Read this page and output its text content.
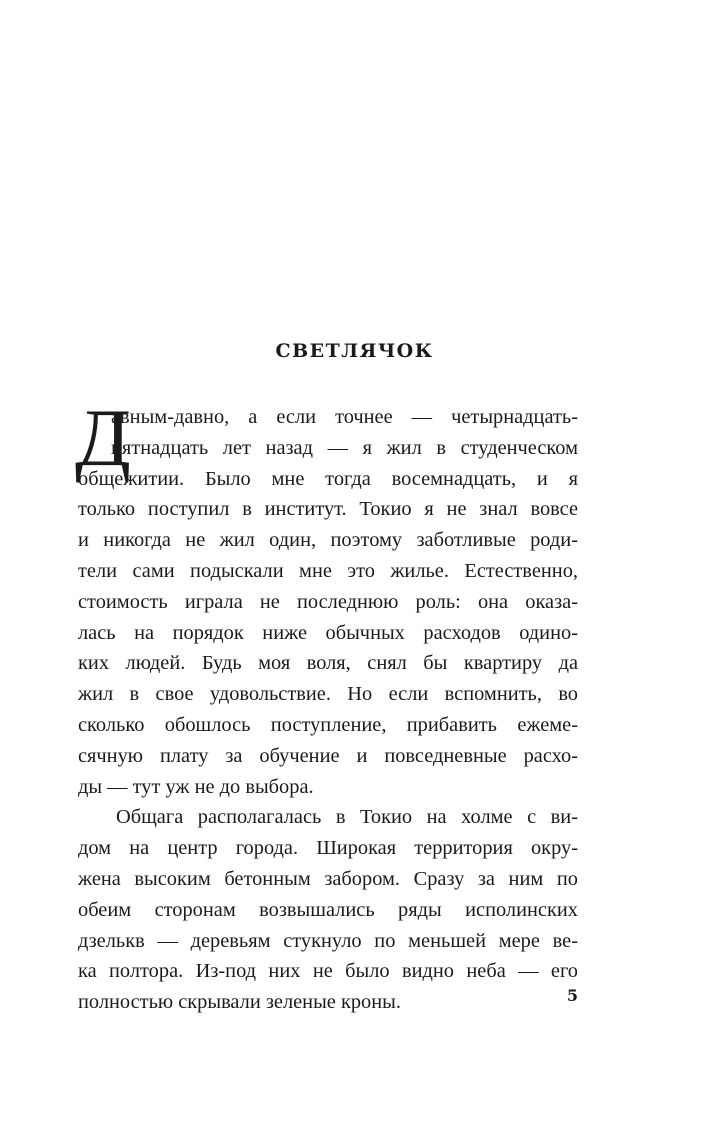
СВЕТЛЯЧОК
Д
авным-давно, а если точнее — четырнадцать-
пятнадцать лет назад — я жил в студенческом
общежитии. Было мне тогда восемнадцать, и я
только поступил в институт. Токио я не знал вовсе
и никогда не жил один, поэтому заботливые роди-
тели сами подыскали мне это жилье. Естественно,
стоимость играла не последнюю роль: она оказа-
лась на порядок ниже обычных расходов одино-
ких людей. Будь моя воля, снял бы квартиру да
жил в свое удовольствие. Но если вспомнить, во
сколько обошлось поступление, прибавить ежеме-
сячную плату за обучение и повседневные расхо-
ды — тут уж не до выбора.
Общага располагалась в Токио на холме с ви-
дом на центр города. Широкая территория окру-
жена высоким бетонным забором. Сразу за ним по
обеим сторонам возвышались ряды исполинских
дзелькв — деревьям стукнуло по меньшей мере ве-
ка полтора. Из-под них не было видно неба — его
полностью скрывали зеленые кроны.	5
